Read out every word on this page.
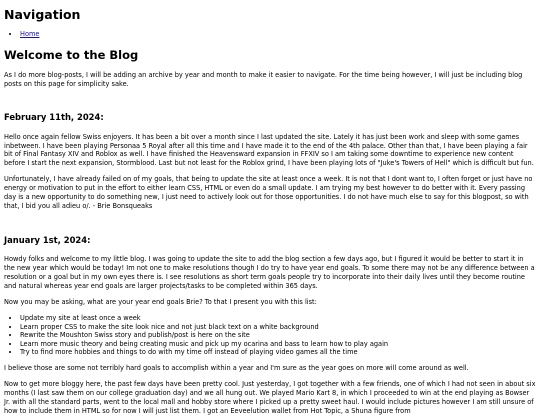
Navigation
• Home
Welcome to the Blog

As I do more blog-posts, I will be adding an archive by year and month to make it easier to navigate. For the time being however, I will just be including blog posts on this page for simplicity sake.

February 11th, 2024:

Hello once again fellow Swiss enjoyers. It has been a bit over a month since I last updated the site. Lately it has just been work and sleep with some games inbetween. I have been playing Personaa 5 Royal after all this time and I have made it to the end of the 4th palace. Other than that, I have been playing a fair bit of Final Fantasy XIV and Roblox as well. I have finished the Heavensward expansion in FFXIV so I am taking some downtime to experience new content before I start the next expansion, Stormblood. Last but not least for the Roblox grind, I have been playing lots of "Juke's Towers of Hell" which is difficult but fun.

Unfortunately, I have already failed on of my goals, that being to update the site at least once a week. It is not that I dont want to, I often forget or just have no energy or motivation to put in the effort to either learn CSS, HTML or even do a small update. I am trying my best however to do better with it. Every passing day is a new opportunity to do something new, I just need to actively look out for those opportunities. I do not have much else to say for this blogpost, so with that, I bid you all adieu o/. - Brie Bonsqueaks

January 1st, 2024:

Howdy folks and welcome to my little blog. I was going to update the site to add the blog section a few days ago, but I figured it would be better to start it in the new year which would be today! Im not one to make resolutions though I do try to have year end goals. To some there may not be any difference between a resolution or a goal but in my own eyes there is. I see resolutions as short term goals people try to incorporate into their daily lives until they become routine and natural whereas year end goals are larger projects/tasks to be completed within 365 days.

Now you may be asking, what are your year end goals Brie? To that I present you with this list:

• Update my site at least once a week
• Learn proper CSS to make the site look nice and not just black text on a white background
• Rewrite the Moushton Swiss story and publish/post is here on the site
• Learn more music theory and being creating music and pick up my ocarina and bass to learn how to play again
• Try to find more hobbies and things to do with my time off instead of playing video games all the time

I believe those are some not terribly hard goals to accomplish within a year and I'm sure as the year goes on more will come around as well.

Now to get more bloggy here, the past few days have been pretty cool. Just yesterday, I got together with a few friends, one of which I had not seen in about six months (I last saw them on our college graduation day) and we all hung out. We played Mario Kart 8, in which I proceeded to win at the end playing as Bowser Jr. with all the standard parts, went to the local mall and hobby store where I picked up a pretty sweet haul. I would include pictures however I am still unsure of how to include them in HTML so for now I will just list them. I got an Eeveelution wallet from Hot Topic, a Shuna figure from
